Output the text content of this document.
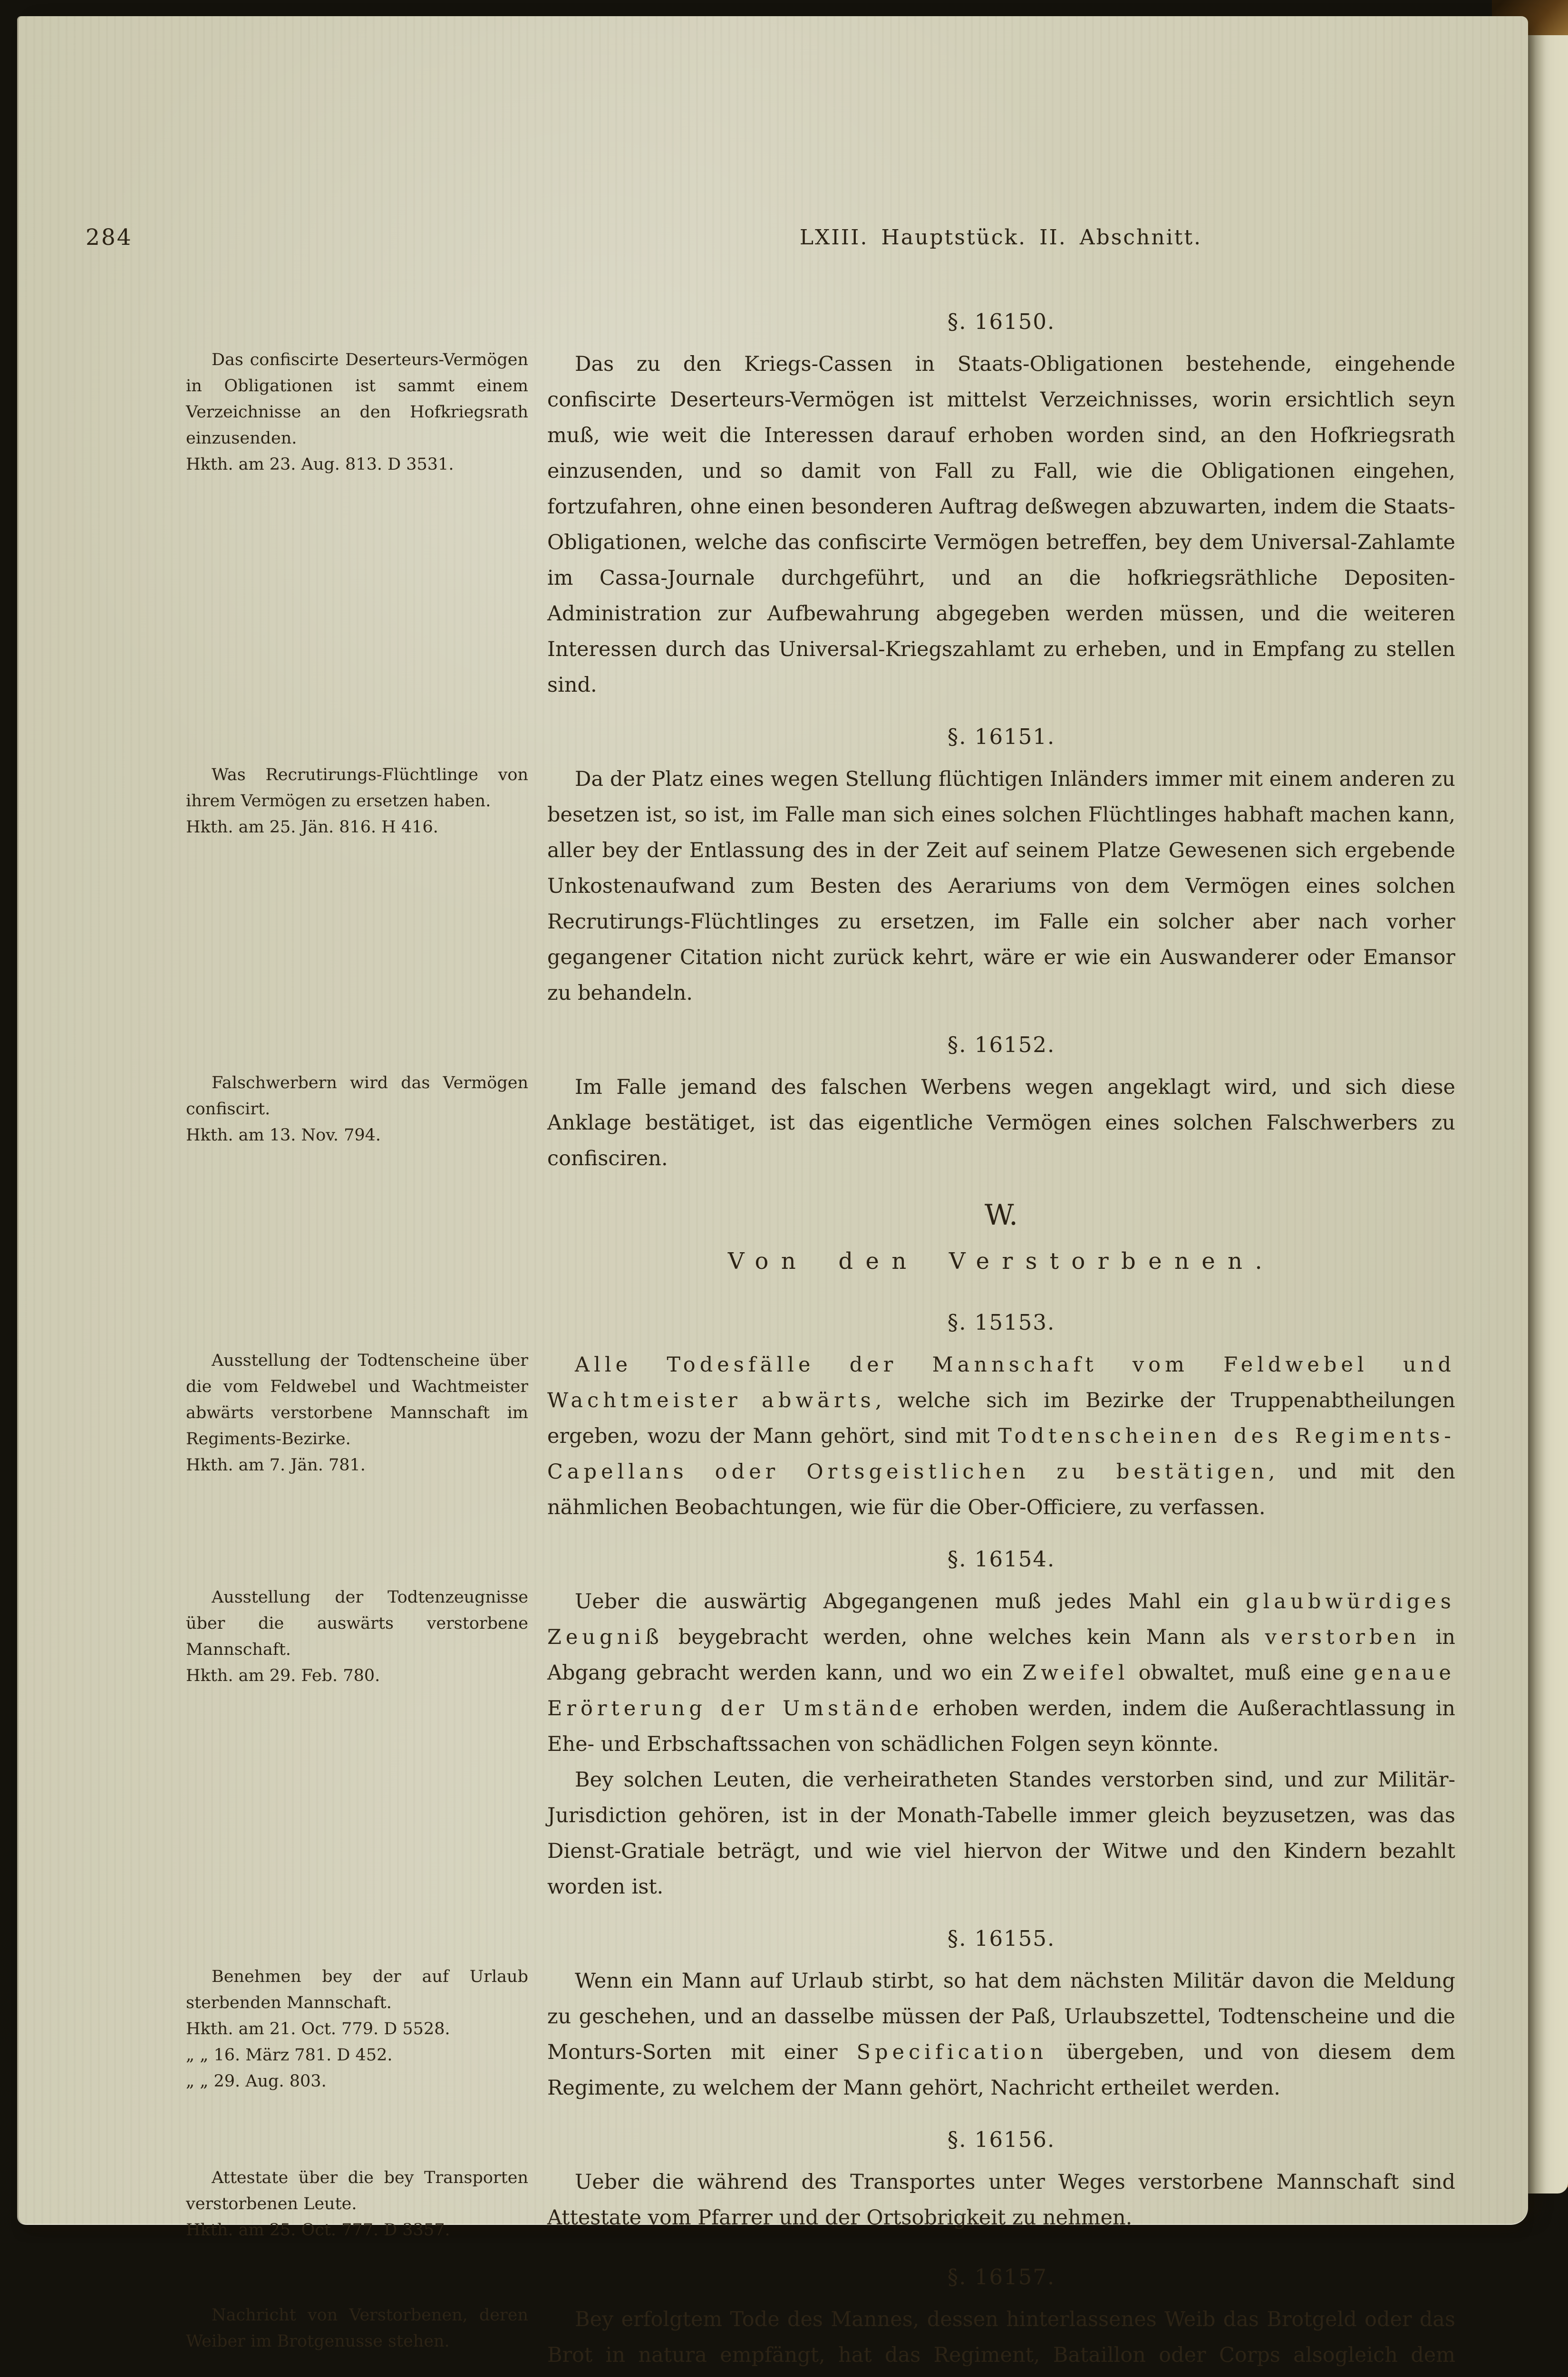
284	LXIII. Hauptstück. II. Abschnitt.
Das confiscirte Deserteurs-Vermögen in Obligationen ist sammt einem Verzeichnisse an den Hofkriegsrath einzusenden.
Hkth. am 23. Aug. 813. D 3531.
§. 16150.

Das zu den Kriegs-Cassen in Staats-Obligationen bestehende, eingehende confiscirte Deserteurs-Vermögen ist mittelst Verzeichnisses, worin ersichtlich seyn muß, wie weit die Interessen darauf erhoben worden sind, an den Hofkriegsrath einzusenden, und so damit von Fall zu Fall, wie die Obligationen eingehen, fortzufahren, ohne einen besonderen Auftrag deßwegen abzuwarten, indem die Staats-Obligationen, welche das confiscirte Vermögen betreffen, bey dem Universal-Zahlamte im Cassa-Journale durchgeführt, und an die hofkriegsräthliche Depositen-Administration zur Aufbewahrung abgegeben werden müssen, und die weiteren Interessen durch das Universal-Kriegszahlamt zu erheben, und in Empfang zu stellen sind.

Was Recrutirungs-Flüchtlinge von ihrem Vermögen zu ersetzen haben.
Hkth. am 25. Jän. 816. H 416.
§. 16151.

Da der Platz eines wegen Stellung flüchtigen Inländers immer mit einem anderen zu besetzen ist, so ist, im Falle man sich eines solchen Flüchtlinges habhaft machen kann, aller bey der Entlassung des in der Zeit auf seinem Platze Gewesenen sich ergebende Unkostenaufwand zum Besten des Aerariums von dem Vermögen eines solchen Recrutirungs-Flüchtlinges zu ersetzen, im Falle ein solcher aber nach vorher gegangener Citation nicht zurück kehrt, wäre er wie ein Auswanderer oder Emansor zu behandeln.

Falschwerbern wird das Vermögen confiscirt.
Hkth. am 13. Nov. 794.
§. 16152.

Im Falle jemand des falschen Werbens wegen angeklagt wird, und sich diese Anklage bestätiget, ist das eigentliche Vermögen eines solchen Falschwerbers zu confisciren.

W.
Von den Verstorbenen.
Ausstellung der Todtenscheine über die vom Feldwebel und Wachtmeister abwärts verstorbene Mannschaft im Regiments-Bezirke.
Hkth. am 7. Jän. 781.
§. 15153.

Alle Todesfälle der Mannschaft vom Feldwebel und Wachtmeister abwärts, welche sich im Bezirke der Truppenabtheilungen ergeben, wozu der Mann gehört, sind mit Todtenscheinen des Regiments-Capellans oder Ortsgeistlichen zu bestätigen, und mit den nähmlichen Beobachtungen, wie für die Ober-Officiere, zu verfassen.

Ausstellung der Todtenzeugnisse über die auswärts verstorbene Mannschaft.
Hkth. am 29. Feb. 780.
§. 16154.

Ueber die auswärtig Abgegangenen muß jedes Mahl ein glaubwürdiges Zeugniß beygebracht werden, ohne welches kein Mann als verstorben in Abgang gebracht werden kann, und wo ein Zweifel obwaltet, muß eine genaue Erörterung der Umstände erhoben werden, indem die Außerachtlassung in Ehe- und Erbschaftssachen von schädlichen Folgen seyn könnte.

Bey solchen Leuten, die verheiratheten Standes verstorben sind, und zur Militär-Jurisdiction gehören, ist in der Monath-Tabelle immer gleich beyzusetzen, was das Dienst-Gratiale beträgt, und wie viel hiervon der Witwe und den Kindern bezahlt worden ist.

Benehmen bey der auf Urlaub sterbenden Mannschaft.
Hkth. am 21. Oct. 779. D 5528.
„ „ 16. März 781. D 452.
„ „ 29. Aug. 803.
§. 16155.

Wenn ein Mann auf Urlaub stirbt, so hat dem nächsten Militär davon die Meldung zu geschehen, und an dasselbe müssen der Paß, Urlaubszettel, Todtenscheine und die Monturs-Sorten mit einer Specification übergeben, und von diesem dem Regimente, zu welchem der Mann gehört, Nachricht ertheilet werden.

Attestate über die bey Transporten verstorbenen Leute.
Hkth. am 25. Oct. 777. D 3357.
§. 16156.

Ueber die während des Transportes unter Weges verstorbene Mannschaft sind Attestate vom Pfarrer und der Ortsobrigkeit zu nehmen.

Nachricht von Verstorbenen, deren Weiber im Brotgenusse stehen.
§. 16157.

Bey erfolgtem Tode des Mannes, dessen hinterlassenes Weib das Brotgeld oder das Brot in natura empfängt, hat das Regiment, Bataillon oder Corps alsogleich dem
